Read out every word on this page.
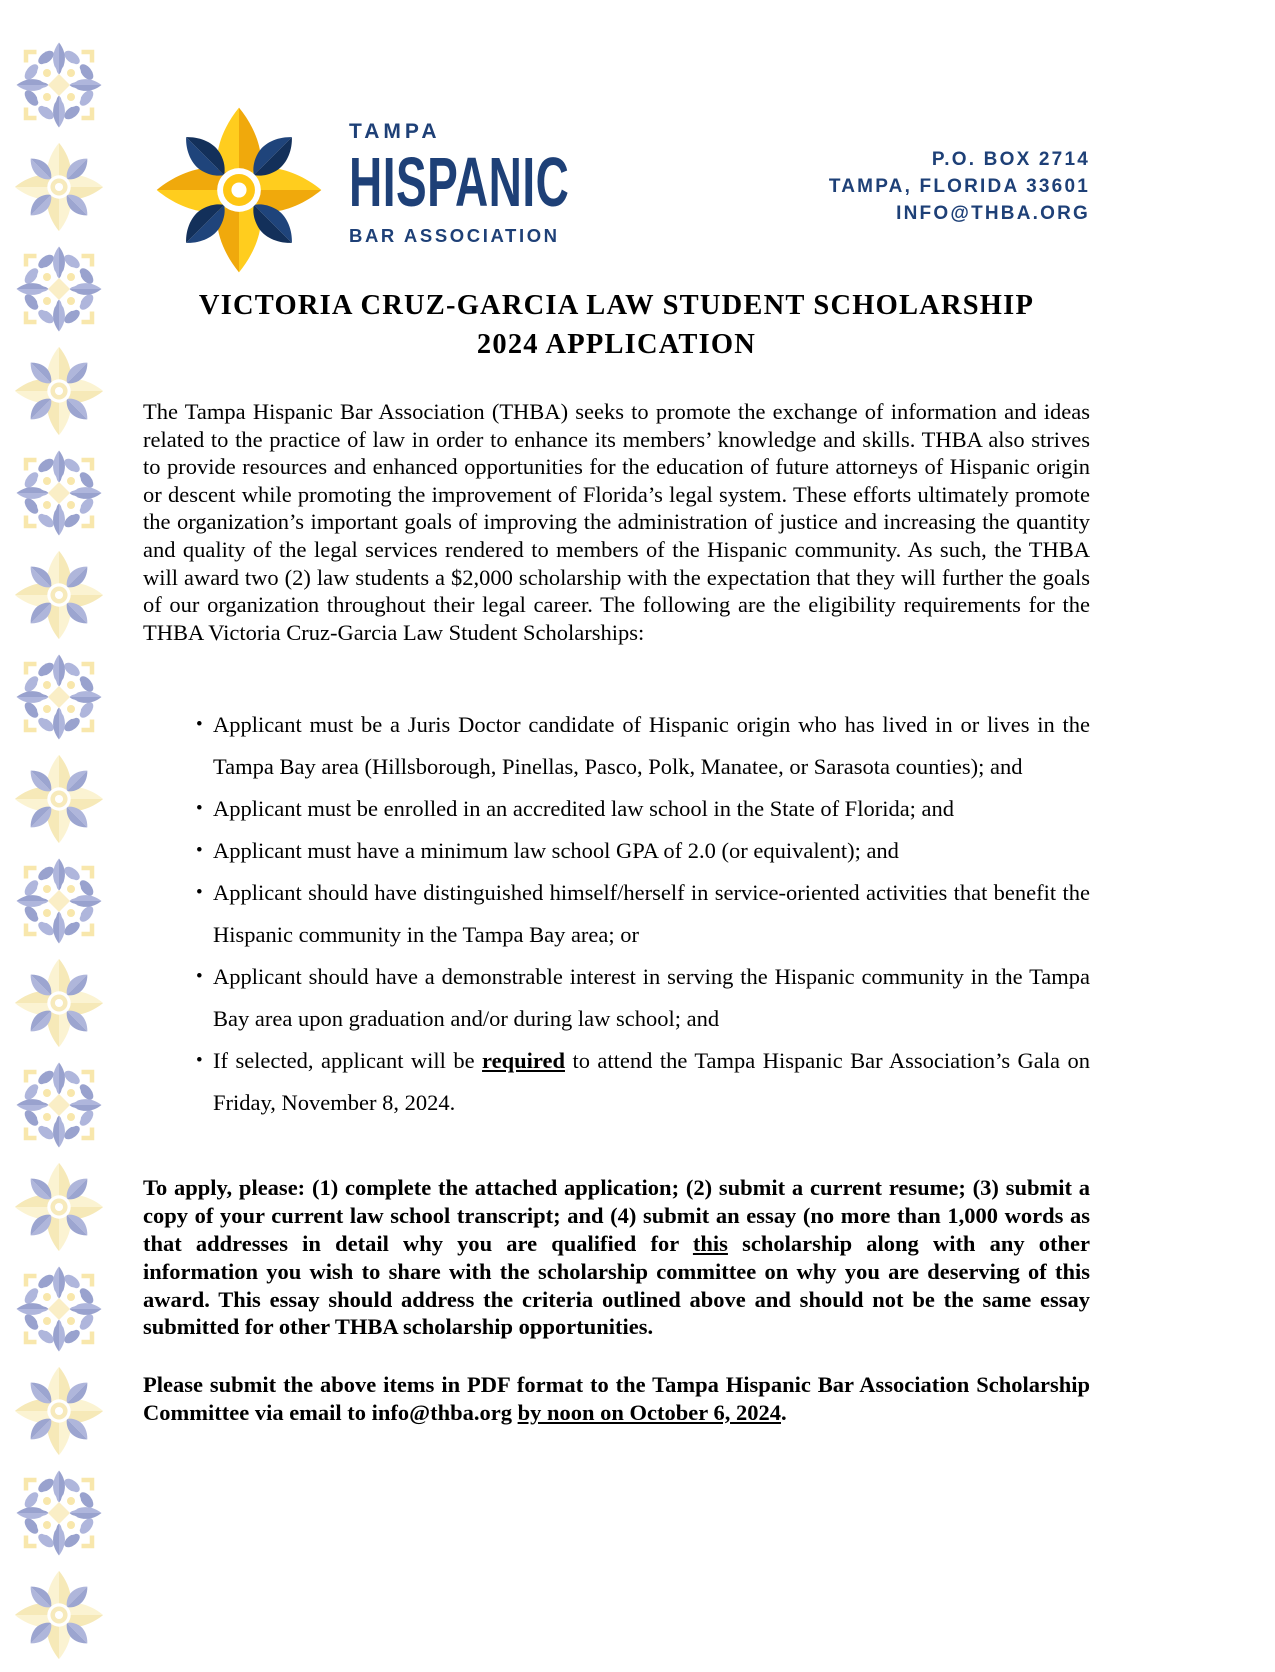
TAMPA
HISPANIC
BAR ASSOCIATION
P.O. BOX 2714
TAMPA, FLORIDA 33601
INFO@THBA.ORG
VICTORIA CRUZ-GARCIA LAW STUDENT SCHOLARSHIP
2024 APPLICATION

The Tampa Hispanic Bar Association (THBA) seeks to promote the exchange of information and ideas related to the practice of law in order to enhance its members’ knowledge and skills. THBA also strives to provide resources and enhanced opportunities for the education of future attorneys of Hispanic origin or descent while promoting the improvement of Florida’s legal system. These efforts ultimately promote the organization’s important goals of improving the administration of justice and increasing the quantity and quality of the legal services rendered to members of the Hispanic community. As such, the THBA will award two (2) law students a $2,000 scholarship with the expectation that they will further the goals of our organization throughout their legal career. The following are the eligibility requirements for the THBA Victoria Cruz-Garcia Law Student Scholarships:

• Applicant must be a Juris Doctor candidate of Hispanic origin who has lived in or lives in the Tampa Bay area (Hillsborough, Pinellas, Pasco, Polk, Manatee, or Sarasota counties); and
• Applicant must be enrolled in an accredited law school in the State of Florida; and
• Applicant must have a minimum law school GPA of 2.0 (or equivalent); and
• Applicant should have distinguished himself/herself in service-oriented activities that benefit the Hispanic community in the Tampa Bay area; or
• Applicant should have a demonstrable interest in serving the Hispanic community in the Tampa Bay area upon graduation and/or during law school; and
• If selected, applicant will be required to attend the Tampa Hispanic Bar Association’s Gala on Friday, November 8, 2024.

To apply, please: (1) complete the attached application; (2) submit a current resume; (3) submit a copy of your current law school transcript; and (4) submit an essay (no more than 1,000 words as that addresses in detail why you are qualified for this scholarship along with any other information you wish to share with the scholarship committee on why you are deserving of this award. This essay should address the criteria outlined above and should not be the same essay submitted for other THBA scholarship opportunities.

Please submit the above items in PDF format to the Tampa Hispanic Bar Association Scholarship Committee via email to info@thba.org by noon on October 6, 2024.
